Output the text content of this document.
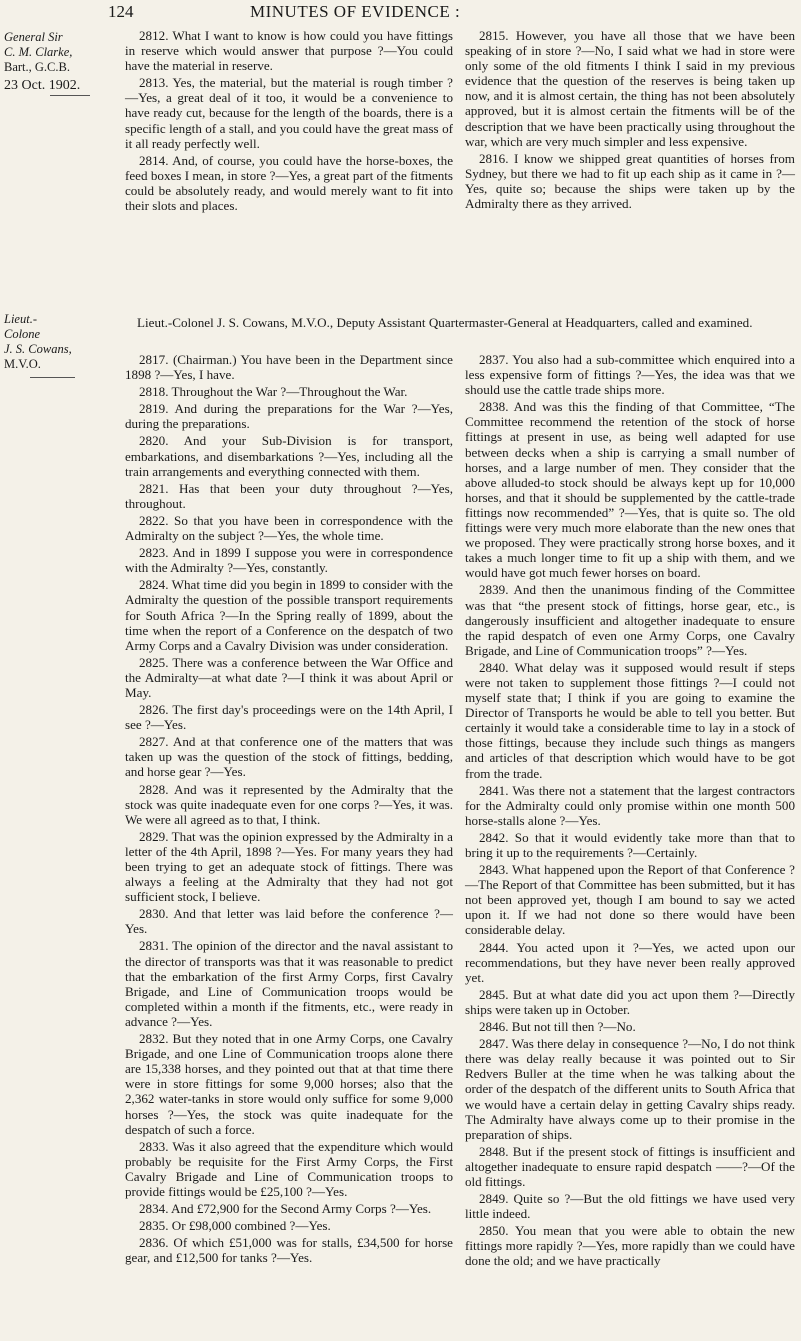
124	MINUTES OF EVIDENCE :
General Sir
C. M. Clarke,
Bart., G.C.B.
23 Oct. 1902.

2812. What I want to know is how could you have fittings in reserve which would answer that purpose ?—You could have the material in reserve.

2813. Yes, the material, but the material is rough timber ?—Yes, a great deal of it too, it would be a convenience to have ready cut, because for the length of the boards, there is a specific length of a stall, and you could have the great mass of it all ready perfectly well.

2814. And, of course, you could have the horse-boxes, the feed boxes I mean, in store ?—Yes, a great part of the fitments could be absolutely ready, and would merely want to fit into their slots and places.

2815. However, you have all those that we have been speaking of in store ?—No, I said what we had in store were only some of the old fitments I think I said in my previous evidence that the question of the reserves is being taken up now, and it is almost certain, the thing has not been absolutely approved, but it is almost certain the fitments will be of the description that we have been practically using throughout the war, which are very much simpler and less expensive.

2816. I know we shipped great quantities of horses from Sydney, but there we had to fit up each ship as it came in ?—Yes, quite so; because the ships were taken up by the Admiralty there as they arrived.

Lieut.-
Colone
J. S. Cowans,
M.V.O.
Lieut.-Colonel J. S. Cowans, M.V.O., Deputy Assistant Quartermaster-General at Headquarters, called and examined.

2817. (Chairman.) You have been in the Department since 1898 ?—Yes, I have.

2818. Throughout the War ?—Throughout the War.

2819. And during the preparations for the War ?—Yes, during the preparations.

2820. And your Sub-Division is for transport, embarkations, and disembarkations ?—Yes, including all the train arrangements and everything connected with them.

2821. Has that been your duty throughout ?—Yes, throughout.

2822. So that you have been in correspondence with the Admiralty on the subject ?—Yes, the whole time.

2823. And in 1899 I suppose you were in correspondence with the Admiralty ?—Yes, constantly.

2824. What time did you begin in 1899 to consider with the Admiralty the question of the possible transport requirements for South Africa ?—In the Spring really of 1899, about the time when the report of a Conference on the despatch of two Army Corps and a Cavalry Division was under consideration.

2825. There was a conference between the War Office and the Admiralty—at what date ?—I think it was about April or May.

2826. The first day's proceedings were on the 14th April, I see ?—Yes.

2827. And at that conference one of the matters that was taken up was the question of the stock of fittings, bedding, and horse gear ?—Yes.

2828. And was it represented by the Admiralty that the stock was quite inadequate even for one corps ?—Yes, it was. We were all agreed as to that, I think.

2829. That was the opinion expressed by the Admiralty in a letter of the 4th April, 1898 ?—Yes. For many years they had been trying to get an adequate stock of fittings. There was always a feeling at the Admiralty that they had not got sufficient stock, I believe.

2830. And that letter was laid before the conference ?—Yes.

2831. The opinion of the director and the naval assistant to the director of transports was that it was reasonable to predict that the embarkation of the first Army Corps, first Cavalry Brigade, and Line of Communication troops would be completed within a month if the fitments, etc., were ready in advance ?—Yes.

2832. But they noted that in one Army Corps, one Cavalry Brigade, and one Line of Communication troops alone there are 15,338 horses, and they pointed out that at that time there were in store fittings for some 9,000 horses; also that the 2,362 water-tanks in store would only suffice for some 9,000 horses ?—Yes, the stock was quite inadequate for the despatch of such a force.

2833. Was it also agreed that the expenditure which would probably be requisite for the First Army Corps, the First Cavalry Brigade and Line of Communication troops to provide fittings would be £25,100 ?—Yes.

2834. And £72,900 for the Second Army Corps ?—Yes.

2835. Or £98,000 combined ?—Yes.

2836. Of which £51,000 was for stalls, £34,500 for horse gear, and £12,500 for tanks ?—Yes.

2837. You also had a sub-committee which enquired into a less expensive form of fittings ?—Yes, the idea was that we should use the cattle trade ships more.

2838. And was this the finding of that Committee, “The Committee recommend the retention of the stock of horse fittings at present in use, as being well adapted for use between decks when a ship is carrying a small number of horses, and a large number of men. They consider that the above alluded-to stock should be always kept up for 10,000 horses, and that it should be supplemented by the cattle-trade fittings now recommended” ?—Yes, that is quite so. The old fittings were very much more elaborate than the new ones that we proposed. They were practically strong horse boxes, and it takes a much longer time to fit up a ship with them, and we would have got much fewer horses on board.

2839. And then the unanimous finding of the Committee was that “the present stock of fittings, horse gear, etc., is dangerously insufficient and altogether inadequate to ensure the rapid despatch of even one Army Corps, one Cavalry Brigade, and Line of Communication troops” ?—Yes.

2840. What delay was it supposed would result if steps were not taken to supplement those fittings ?—I could not myself state that; I think if you are going to examine the Director of Transports he would be able to tell you better. But certainly it would take a considerable time to lay in a stock of those fittings, because they include such things as mangers and articles of that description which would have to be got from the trade.

2841. Was there not a statement that the largest contractors for the Admiralty could only promise within one month 500 horse-stalls alone ?—Yes.

2842. So that it would evidently take more than that to bring it up to the requirements ?—Certainly.

2843. What happened upon the Report of that Conference ?—The Report of that Committee has been submitted, but it has not been approved yet, though I am bound to say we acted upon it. If we had not done so there would have been considerable delay.

2844. You acted upon it ?—Yes, we acted upon our recommendations, but they have never been really approved yet.

2845. But at what date did you act upon them ?—Directly ships were taken up in October.

2846. But not till then ?—No.

2847. Was there delay in consequence ?—No, I do not think there was delay really because it was pointed out to Sir Redvers Buller at the time when he was talking about the order of the despatch of the different units to South Africa that we would have a certain delay in getting Cavalry ships ready. The Admiralty have always come up to their promise in the preparation of ships.

2848. But if the present stock of fittings is insufficient and altogether inadequate to ensure rapid despatch ——?—Of the old fittings.

2849. Quite so ?—But the old fittings we have used very little indeed.

2850. You mean that you were able to obtain the new fittings more rapidly ?—Yes, more rapidly than we could have done the old; and we have practically
